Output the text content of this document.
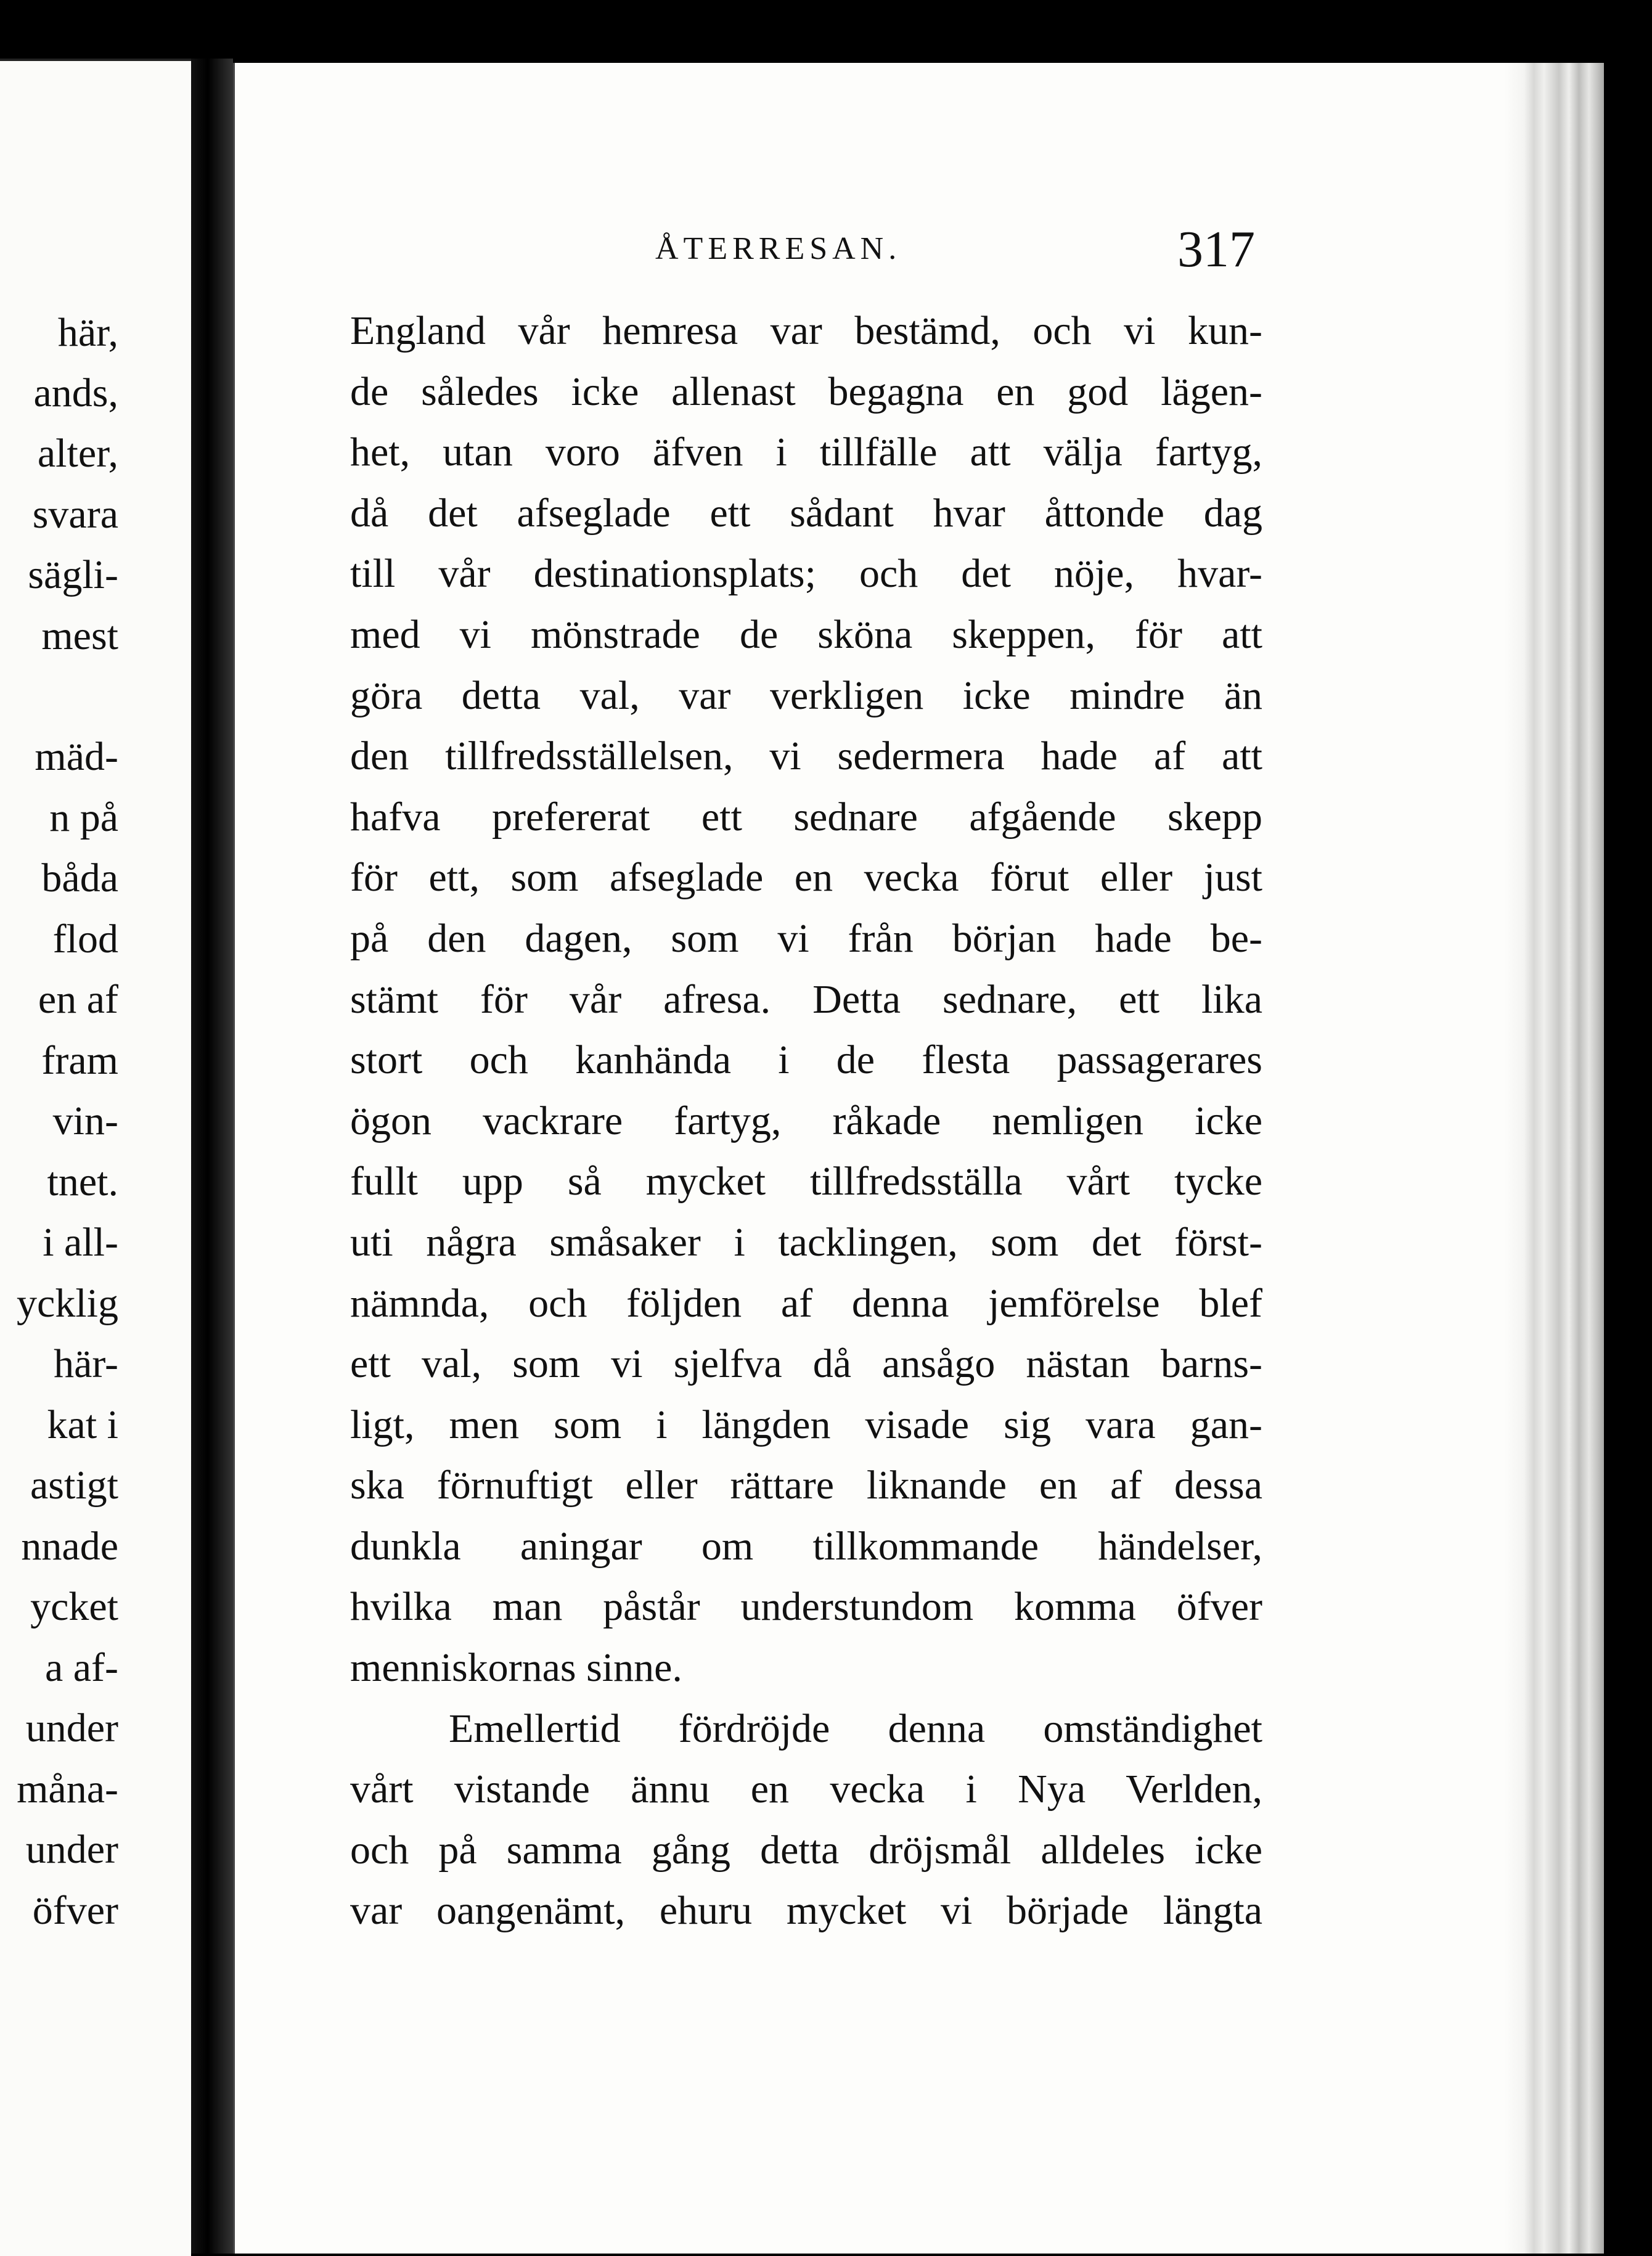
här,
ands,
alter,
svara
sägli-
mest
mäd-
n på
båda
flod
en af
fram
vin-
tnet.
i all-
ycklig
här-
kat i
astigt
nnade
ycket
a af-
under
måna-
under
öfver
ÅTERRESAN.	317
England vår hemresa var bestämd, och vi kun-
de således icke allenast begagna en god lägen-
het, utan voro äfven i tillfälle att välja fartyg,
då det afseglade ett sådant hvar åttonde dag
till vår destinationsplats; och det nöje, hvar-
med vi mönstrade de sköna skeppen, för att
göra detta val, var verkligen icke mindre än
den tillfredsställelsen, vi sedermera hade af att
hafva prefererat ett sednare afgående skepp
för ett, som afseglade en vecka förut eller just
på den dagen, som vi från början hade be-
stämt för vår afresa. Detta sednare, ett lika
stort och kanhända i de flesta passagerares
ögon vackrare fartyg, råkade nemligen icke
fullt upp så mycket tillfredsställa vårt tycke
uti några småsaker i tacklingen, som det först-
nämnda, och följden af denna jemförelse blef
ett val, som vi sjelfva då ansågo nästan barns-
ligt, men som i längden visade sig vara gan-
ska förnuftigt eller rättare liknande en af dessa
dunkla aningar om tillkommande händelser,
hvilka man påstår understundom komma öfver
menniskornas sinne.
Emellertid fördröjde denna omständighet
vårt vistande ännu en vecka i Nya Verlden,
och på samma gång detta dröjsmål alldeles icke
var oangenämt, ehuru mycket vi började längta
